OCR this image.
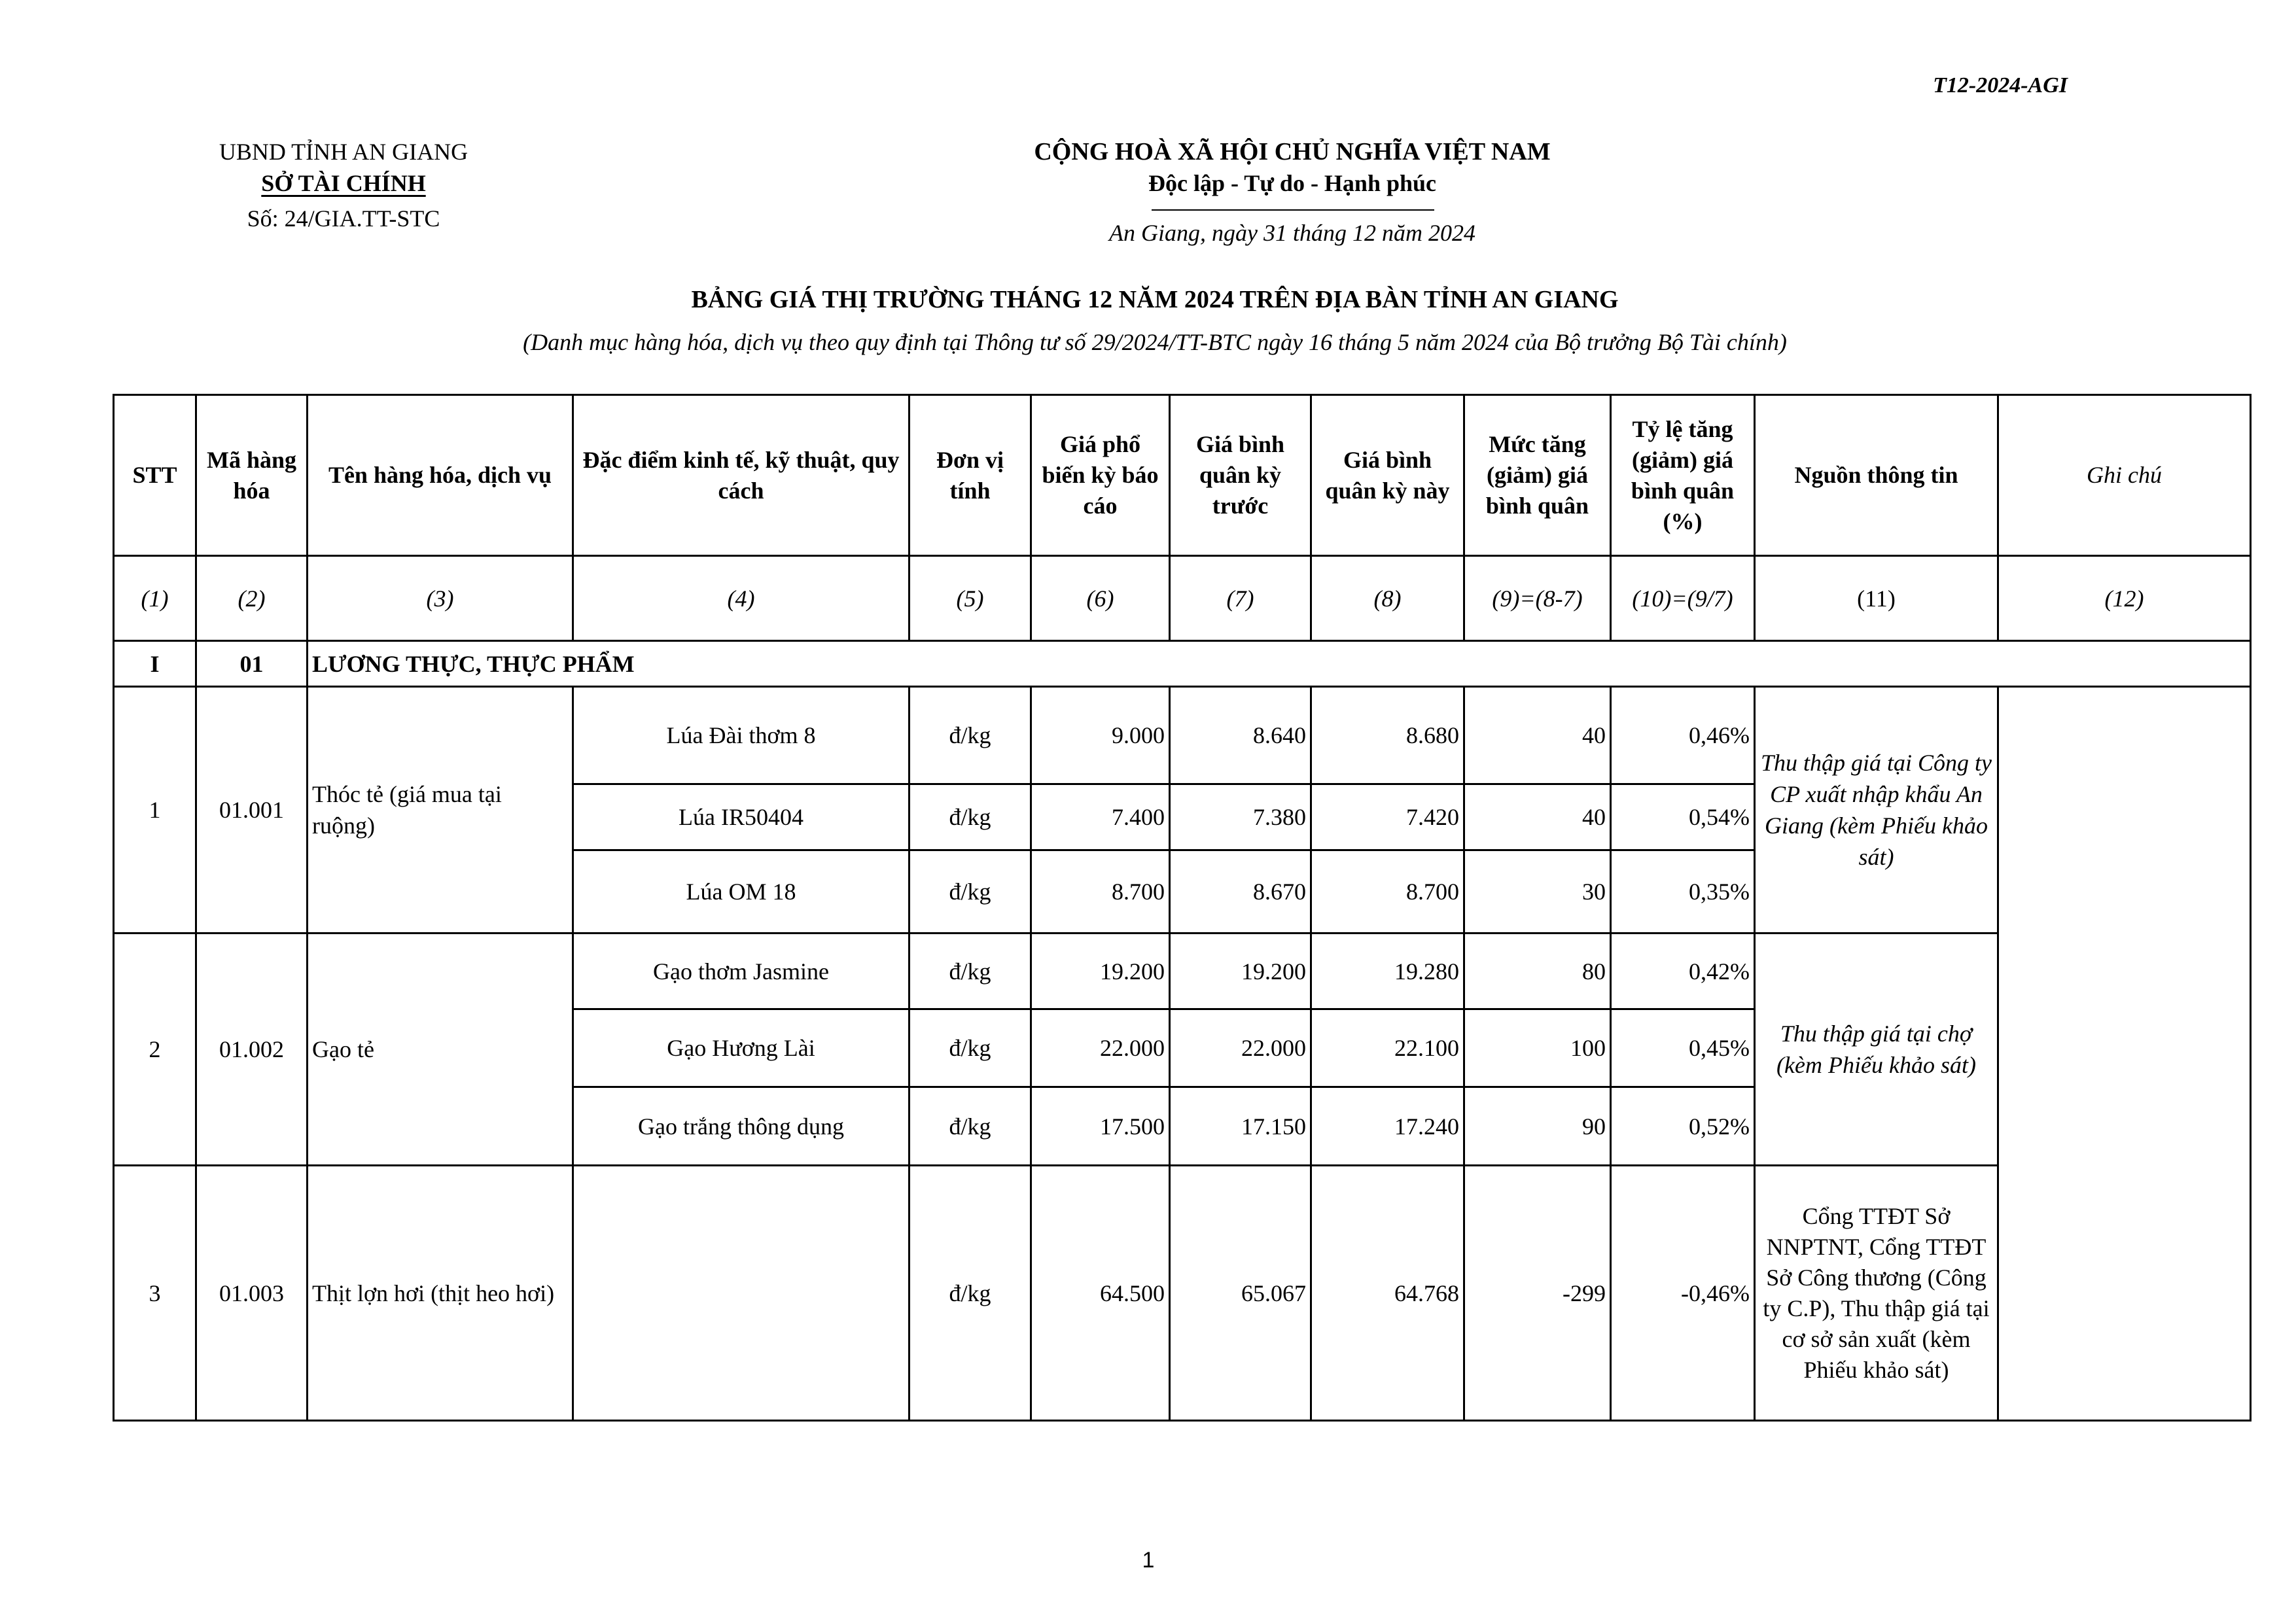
T12-2024-AGI
UBND TỈNH AN GIANG
SỞ TÀI CHÍNH
Số: 24/GIA.TT-STC
CỘNG HOÀ XÃ HỘI CHỦ NGHĨA VIỆT NAM
Độc lập - Tự do - Hạnh phúc
An Giang, ngày 31 tháng 12 năm 2024
BẢNG GIÁ THỊ TRƯỜNG THÁNG 12 NĂM 2024 TRÊN ĐỊA BÀN TỈNH AN GIANG
(Danh mục hàng hóa, dịch vụ theo quy định tại Thông tư số 29/2024/TT-BTC ngày 16 tháng 5 năm 2024 của Bộ trưởng Bộ Tài chính)
STT	Mã hàng hóa	Tên hàng hóa, dịch vụ	Đặc điểm kinh tế, kỹ thuật, quy cách	Đơn vị tính	Giá phổ biến kỳ báo cáo	Giá bình quân kỳ trước	Giá bình quân kỳ này	Mức tăng (giảm) giá bình quân	Tỷ lệ tăng (giảm) giá bình quân (%)	Nguồn thông tin	Ghi chú	
(1)	(2)	(3)	(4)	(5)	(6)	(7)	(8)	(9)=(8-7)	(10)=(9/7)	(11)	(12)	
I	01	LƯƠNG THỰC, THỰC PHẨM										
1	01.001	Thóc tẻ (giá mua tại ruộng)	Lúa Đài thơm 8	đ/kg	9.000	8.640	8.680	40	0,46%	Thu thập giá tại Công ty CP xuất nhập khẩu An Giang (kèm Phiếu khảo sát)		
			Lúa IR50404	đ/kg	7.400	7.380	7.420	40	0,54%			
			Lúa OM 18	đ/kg	8.700	8.670	8.700	30	0,35%			
2	01.002	Gạo tẻ	Gạo thơm Jasmine	đ/kg	19.200	19.200	19.280	80	0,42%	Thu thập giá tại chợ (kèm Phiếu khảo sát)		
			Gạo Hương Lài	đ/kg	22.000	22.000	22.100	100	0,45%			
			Gạo trắng thông dụng	đ/kg	17.500	17.150	17.240	90	0,52%			
3	01.003	Thịt lợn hơi (thịt heo hơi)		đ/kg	64.500	65.067	64.768	-299	-0,46%	Cổng TTĐT Sở NNPTNT, Cổng TTĐT Sở Công thương (Công ty C.P), Thu thập giá tại cơ sở sản xuất (kèm Phiếu khảo sát)		
1
